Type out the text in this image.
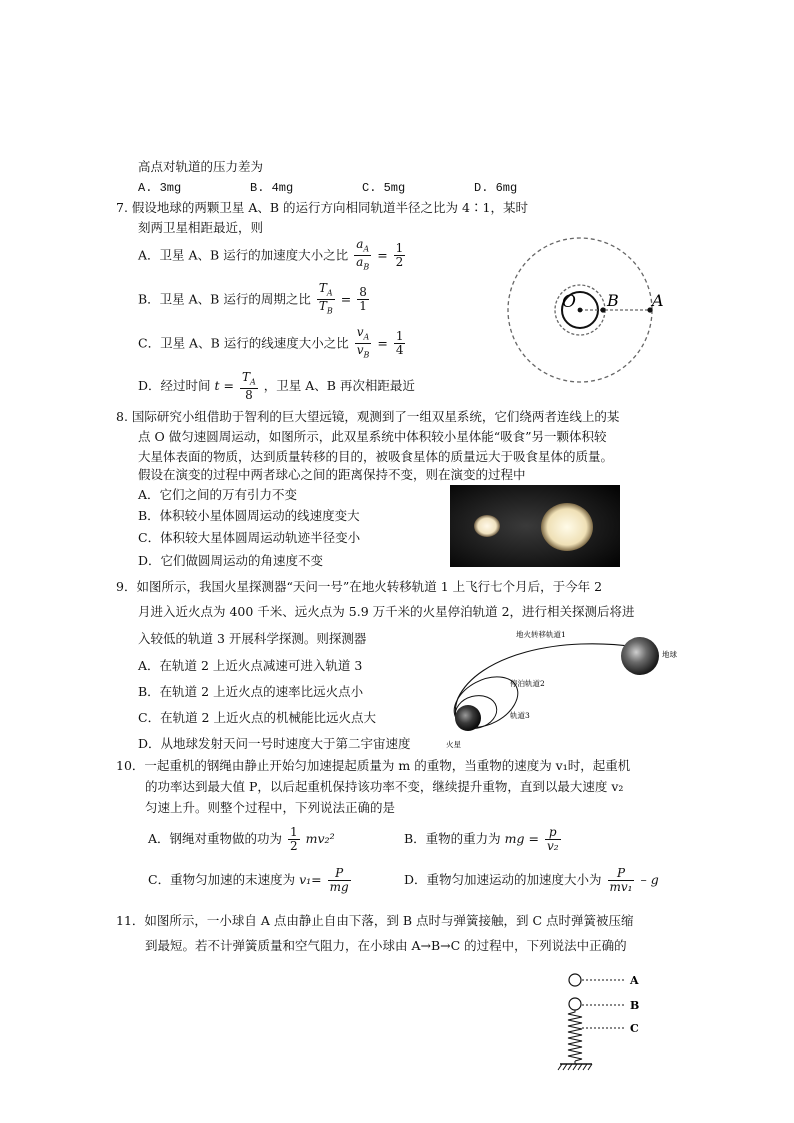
高点对轨道的压力差为
A. 3mg	B. 4mg	C. 5mg	D. 6mg
7. 假设地球的两颗卫星 A、B 的运行方向相同轨道半径之比为 4∶1，某时
刻两卫星相距最近，则
A．卫星 A、B 运行的加速度大小之比 $\frac{a_A}{a_B} = \frac{1}{2}$
B．卫星 A、B 运行的周期之比 $\frac{T_A}{T_B} = \frac{8}{1}$
C．卫星 A、B 运行的线速度大小之比 $\frac{v_A}{v_B} = \frac{1}{4}$
D．经过时间 $t = \frac{T_A}{8}$ ，卫星 A、B 再次相距最近
O B A
8. 国际研究小组借助于智利的巨大望远镜，观测到了一组双星系统，它们绕两者连线上的某
点 O 做匀速圆周运动，如图所示，此双星系统中体积较小星体能“吸食”另一颗体积较
大星体表面的物质，达到质量转移的目的，被吸食星体的质量远大于吸食星体的质量。
假设在演变的过程中两者球心之间的距离保持不变，则在演变的过程中
A．它们之间的万有引力不变
B．体积较小星体圆周运动的线速度变大
C．体积较大星体圆周运动轨迹半径变小
D．它们做圆周运动的角速度不变
9．如图所示，我国火星探测器“天问一号”在地火转移轨道 1 上飞行七个月后，于今年 2
月进入近火点为 400 千米、远火点为 5.9 万千米的火星停泊轨道 2，进行相关探测后将进
入较低的轨道 3 开展科学探测。则探测器
A．在轨道 2 上近火点减速可进入轨道 3
B．在轨道 2 上近火点的速率比远火点小
C．在轨道 2 上近火点的机械能比远火点大
D．从地球发射天问一号时速度大于第二宇宙速度
地火转移轨道1
地球
停泊轨道2
轨道3
火星
10．一起重机的钢绳由静止开始匀加速提起质量为 m 的重物，当重物的速度为 v₁时，起重机
的功率达到最大值 P，以后起重机保持该功率不变，继续提升重物，直到以最大速度 v₂
匀速上升。则整个过程中，下列说法正确的是
A．钢绳对重物做的功为 $\frac{1}{2} mv_2^2$	B．重物的重力为 mg = $\frac{p}{\text{v₂}}$
C．重物匀加速的末速度为 $v_1= \frac{P}{mg}$	D．重物匀加速运动的加速度大小为 $\frac{P}{\text{mv₁}}$ – g
11．如图所示，一小球自 A 点由静止自由下落，到 B 点时与弹簧接触，到 C 点时弹簧被压缩
到最短。若不计弹簧质量和空气阻力，在小球由 A→B→C 的过程中，下列说法中正确的
A
B
C
